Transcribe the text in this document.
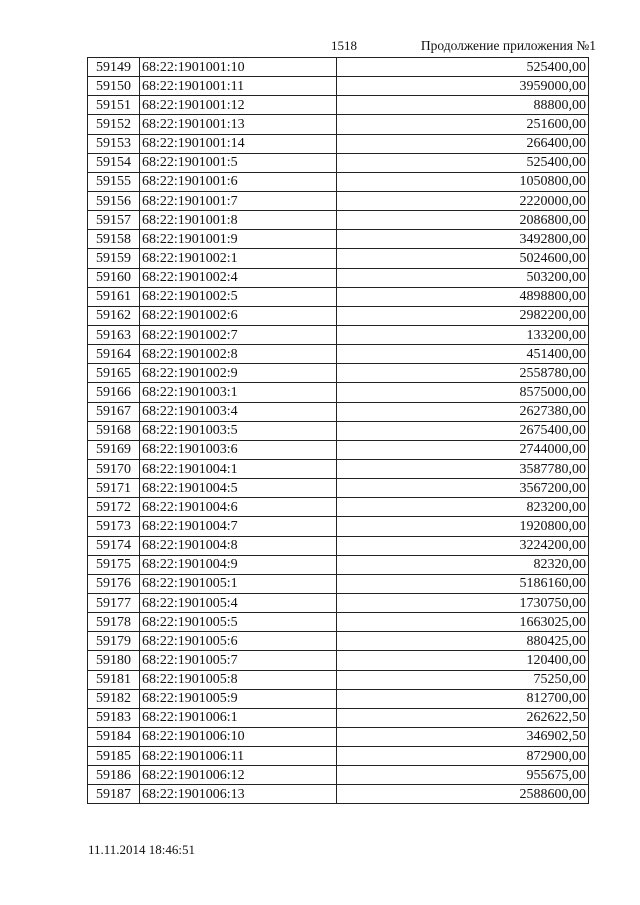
1518	Продолжение приложения №1
59149	68:22:1901001:10	525400,00
59150	68:22:1901001:11	3959000,00
59151	68:22:1901001:12	88800,00
59152	68:22:1901001:13	251600,00
59153	68:22:1901001:14	266400,00
59154	68:22:1901001:5	525400,00
59155	68:22:1901001:6	1050800,00
59156	68:22:1901001:7	2220000,00
59157	68:22:1901001:8	2086800,00
59158	68:22:1901001:9	3492800,00
59159	68:22:1901002:1	5024600,00
59160	68:22:1901002:4	503200,00
59161	68:22:1901002:5	4898800,00
59162	68:22:1901002:6	2982200,00
59163	68:22:1901002:7	133200,00
59164	68:22:1901002:8	451400,00
59165	68:22:1901002:9	2558780,00
59166	68:22:1901003:1	8575000,00
59167	68:22:1901003:4	2627380,00
59168	68:22:1901003:5	2675400,00
59169	68:22:1901003:6	2744000,00
59170	68:22:1901004:1	3587780,00
59171	68:22:1901004:5	3567200,00
59172	68:22:1901004:6	823200,00
59173	68:22:1901004:7	1920800,00
59174	68:22:1901004:8	3224200,00
59175	68:22:1901004:9	82320,00
59176	68:22:1901005:1	5186160,00
59177	68:22:1901005:4	1730750,00
59178	68:22:1901005:5	1663025,00
59179	68:22:1901005:6	880425,00
59180	68:22:1901005:7	120400,00
59181	68:22:1901005:8	75250,00
59182	68:22:1901005:9	812700,00
59183	68:22:1901006:1	262622,50
59184	68:22:1901006:10	346902,50
59185	68:22:1901006:11	872900,00
59186	68:22:1901006:12	955675,00
59187	68:22:1901006:13	2588600,00
11.11.2014 18:46:51
